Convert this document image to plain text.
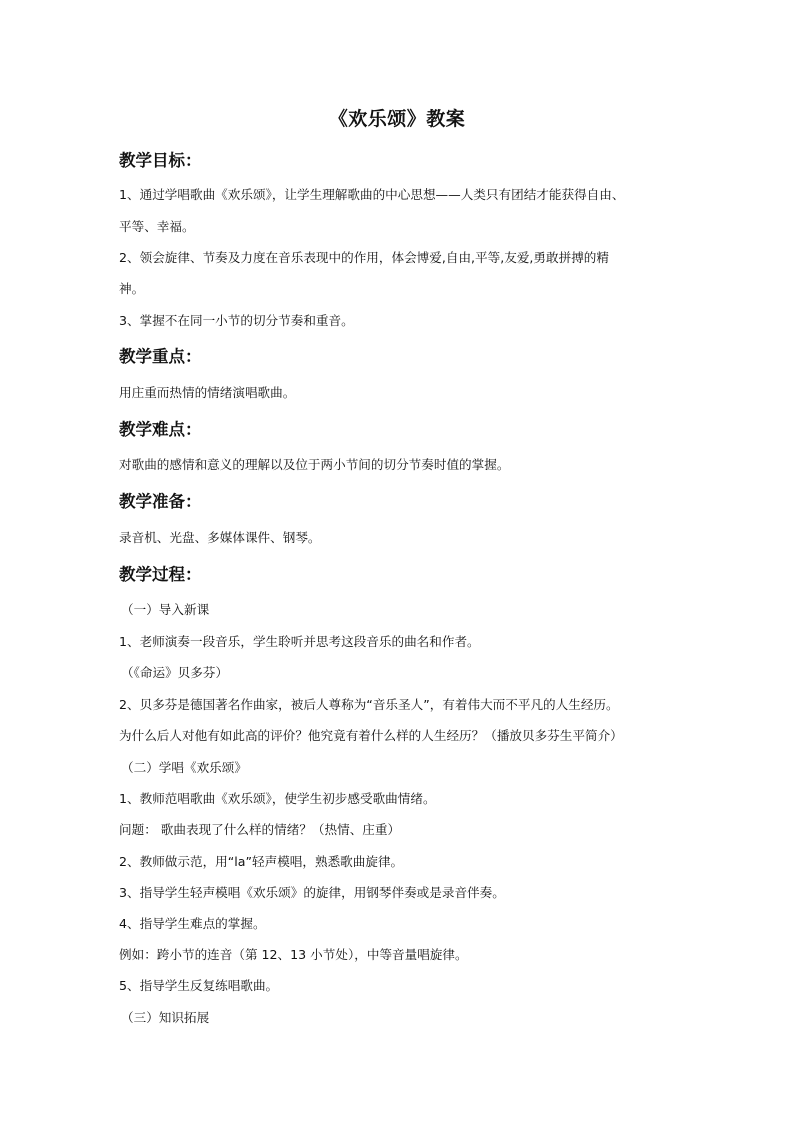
《欢乐颂》教案
教学目标：
1、通过学唱歌曲《欢乐颂》，让学生理解歌曲的中心思想——人类只有团结才能获得自由、
平等、幸福。
2、领会旋律、节奏及力度在音乐表现中的作用，体会博爱,自由,平等,友爱,勇敢拼搏的精
神。
3、掌握不在同一小节的切分节奏和重音。
教学重点：
用庄重而热情的情绪演唱歌曲。
教学难点：
对歌曲的感情和意义的理解以及位于两小节间的切分节奏时值的掌握。
教学准备：
录音机、光盘、多媒体课件、钢琴。
教学过程：
（一）导入新课
1、老师演奏一段音乐，学生聆听并思考这段音乐的曲名和作者。
（《命运》贝多芬）
2、贝多芬是德国著名作曲家，被后人尊称为“音乐圣人”，有着伟大而不平凡的人生经历。
为什么后人对他有如此高的评价？他究竟有着什么样的人生经历？（播放贝多芬生平简介）
（二）学唱《欢乐颂》
1、教师范唱歌曲《欢乐颂》，使学生初步感受歌曲情绪。
问题： 歌曲表现了什么样的情绪？（热情、庄重）
2、教师做示范，用“la”轻声模唱，熟悉歌曲旋律。
3、指导学生轻声模唱《欢乐颂》的旋律，用钢琴伴奏或是录音伴奏。
4、指导学生难点的掌握。
例如：跨小节的连音（第 12、13 小节处），中等音量唱旋律。
5、指导学生反复练唱歌曲。
（三）知识拓展
